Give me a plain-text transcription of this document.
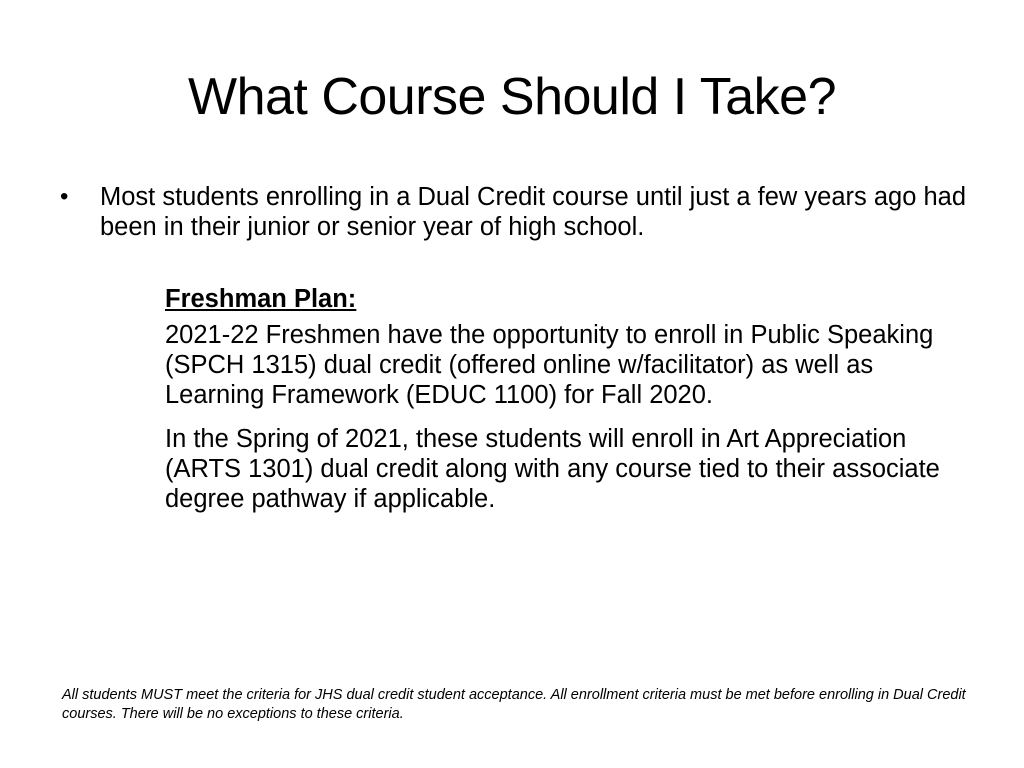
What Course Should I Take?
•	Most students enrolling in a Dual Credit course until just a few years ago had been in their junior or senior year of high school.

Freshman Plan:

2021-22 Freshmen have the opportunity to enroll in Public Speaking (SPCH 1315) dual credit (offered online w/facilitator) as well as Learning Framework (EDUC 1100) for Fall 2020.

In the Spring of 2021, these students will enroll in Art Appreciation (ARTS 1301) dual credit along with any course tied to their associate degree pathway if applicable.

All students MUST meet the criteria for JHS dual credit student acceptance. All enrollment criteria must be met before enrolling in Dual Credit courses. There will be no exceptions to these criteria.
